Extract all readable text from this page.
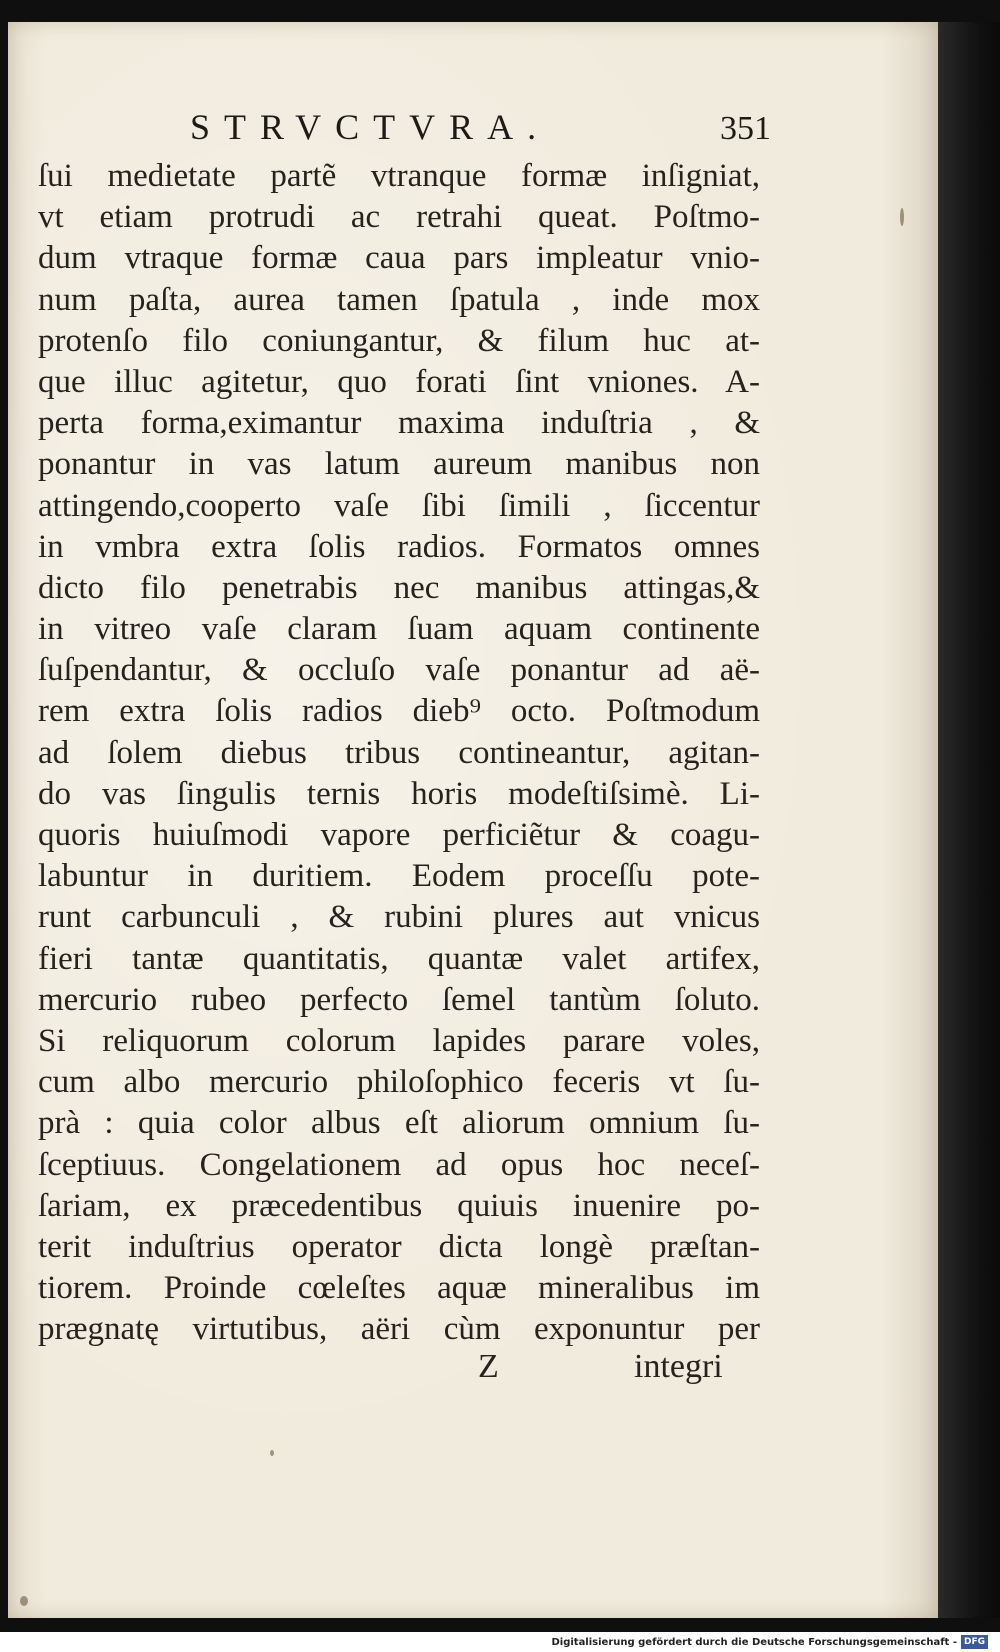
STRVCTVRA.	351
ſui medietate partẽ vtranque formæ inſigniat,
vt etiam protrudi ac retrahi queat. Poſtmo-
dum vtraque formæ caua pars impleatur vnio-
num paſta, aurea tamen ſpatula , inde mox
protenſo filo coniungantur, & filum huc at-
que illuc agitetur, quo forati ſint vniones. A-
perta forma,eximantur maxima induſtria , &
ponantur in vas latum aureum manibus non
attingendo,cooperto vaſe ſibi ſimili , ſiccentur
in vmbra extra ſolis radios. Formatos omnes
dicto filo penetrabis nec manibus attingas,&
in vitreo vaſe claram ſuam aquam continente
ſuſpendantur, & occluſo vaſe ponantur ad aë-
rem extra ſolis radios dieb⁹ octo. Poſtmodum
ad ſolem diebus tribus contineantur, agitan-
do vas ſingulis ternis horis modeſtiſsimè. Li-
quoris huiuſmodi vapore perficiẽtur & coagu-
labuntur in duritiem. Eodem proceſſu pote-
runt carbunculi , & rubini plures aut vnicus
fieri tantæ quantitatis, quantæ valet artifex,
mercurio rubeo perfecto ſemel tantùm ſoluto.
Si reliquorum colorum lapides parare voles,
cum albo mercurio philoſophico feceris vt ſu-
prà : quia color albus eſt aliorum omnium ſu-
ſceptiuus. Congelationem ad opus hoc neceſ-
ſariam, ex præcedentibus quiuis inuenire po-
terit induſtrius operator dicta longè præſtan-
tiorem. Proinde cœleſtes aquæ mineralibus im
prægnatę virtutibus, aëri cùm exponuntur per
Z	integri
Digitalisierung gefördert durch die Deutsche Forschungsgemeinschaft - DFG
